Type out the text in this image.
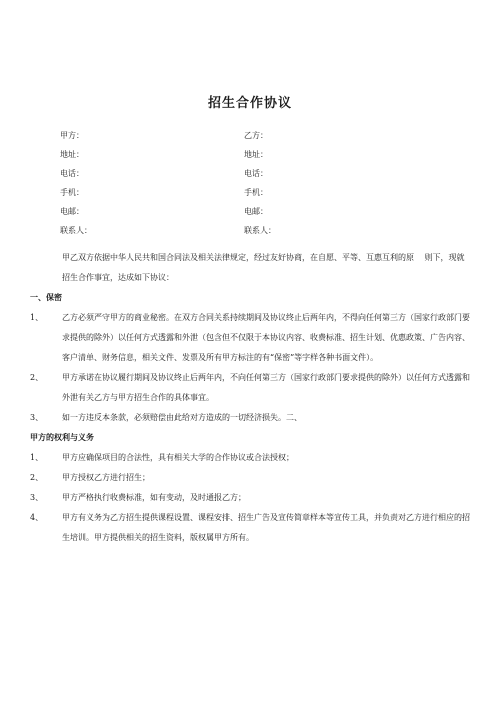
招生合作协议
甲方：	乙方：
地址：	地址：
电话：	电话：
手机：	手机：
电邮：	电邮：
联系人：	联系人：
甲乙双方依据中华人民共和国合同法及相关法律规定，经过友好协商，在自愿、平等、互惠互利的原　 则下，现就招生合作事宜，达成如下协议：
一、保密
1、	乙方必须严守甲方的商业秘密。在双方合同关系持续期间及协议终止后两年内，不得向任何第三方（国家行政部门要求提供的除外）以任何方式透露和外泄（包含但不仅限于本协议内容、收费标准、招生计划、优惠政策、广告内容、客户清单、财务信息，相关文件、发票及所有甲方标注的有“保密”等字样各种书面文件）。
2、	甲方承诺在协议履行期间及协议终止后两年内，不向任何第三方（国家行政部门要求提供的除外）以任何方式透露和外泄有关乙方与甲方招生合作的具体事宜。
3、	如一方违反本条款，必须赔偿由此给对方造成的一切经济损失。二、
甲方的权利与义务
1、	甲方应确保项目的合法性，具有相关大学的合作协议或合法授权；
2、	甲方授权乙方进行招生；
3、	甲方严格执行收费标准，如有变动，及时通报乙方；
4、	甲方有义务为乙方招生提供课程设置、课程安排、招生广告及宣传简章样本等宣传工具，并负责对乙方进行相应的招生培训。甲方提供相关的招生资料，版权属甲方所有。
